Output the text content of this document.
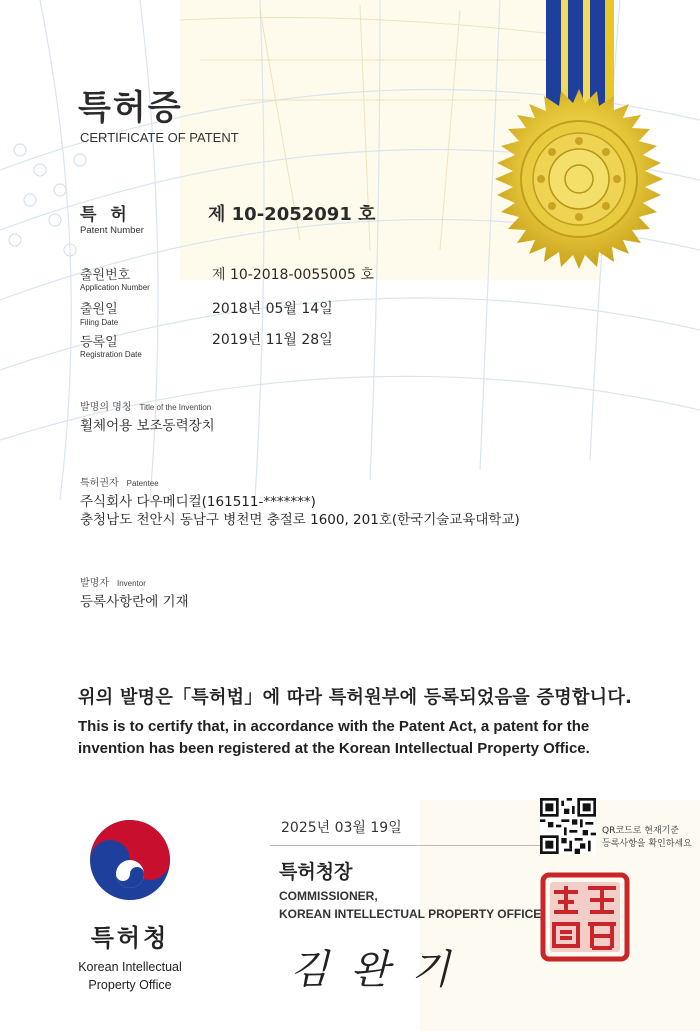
특허증
CERTIFICATE OF PATENT
특 허
Patent Number
제 10-2052091 호
출원번호
Application Number
제 10-2018-0055005 호
출원일
Filing Date
2018년 05월 14일
등록일
Registration Date
2019년 11월 28일
발명의 명칭 Title of the Invention
휠체어용 보조동력장치
특허권자 Patentee
주식회사 다우메디컬(161511-*******)
충청남도 천안시 동남구 병천면 충절로 1600, 201호(한국기술교육대학교)
발명자 Inventor
등록사항란에 기재
위의 발명은「특허법」에 따라 특허원부에 등록되었음을 증명합니다.
This is to certify that, in accordance with the Patent Act, a patent for the invention has been registered at the Korean Intellectual Property Office.
특허청
Korean Intellectual
Property Office
2025년 03월 19일
특허청장
COMMISSIONER,
KOREAN INTELLECTUAL PROPERTY OFFICE
김완기
QR코드로 현재기준
등록사항을 확인하세요
